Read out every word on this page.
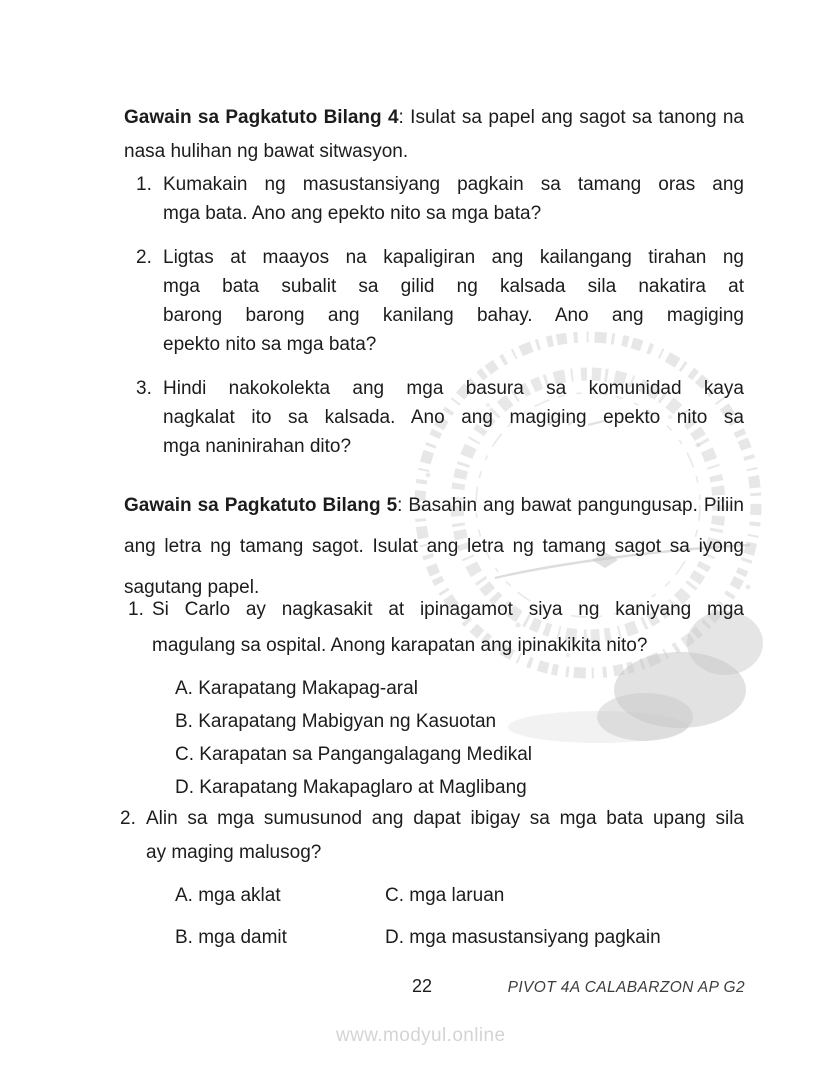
Gawain sa Pagkatuto Bilang 4: Isulat sa papel ang sagot sa tanong na
nasa hulihan ng bawat sitwasyon.
1. Kumakain ng masustansiyang pagkain sa tamang oras ang
mga bata. Ano ang epekto nito sa mga bata?
2. Ligtas at maayos na kapaligiran ang kailangang tirahan ng
mga bata subalit sa gilid ng kalsada sila nakatira at
barong barong ang kanilang bahay. Ano ang magiging
epekto nito sa mga bata?
3. Hindi nakokolekta ang mga basura sa komunidad kaya
nagkalat ito sa kalsada. Ano ang magiging epekto nito sa
mga naninirahan dito?
Gawain sa Pagkatuto Bilang 5: Basahin ang bawat pangungusap. Piliin
ang letra ng tamang sagot. Isulat ang letra ng tamang sagot sa iyong
sagutang papel.
1. Si Carlo ay nagkasakit at ipinagamot siya ng kaniyang mga
magulang sa ospital. Anong karapatan ang ipinakikita nito?
A. Karapatang Makapag-aral
B. Karapatang Mabigyan ng Kasuotan
C. Karapatan sa Pangangalagang Medikal
D. Karapatang Makapaglaro at Maglibang
2. Alin sa mga sumusunod ang dapat ibigay sa mga bata upang sila
ay maging malusog?
A. mga aklat
B. mga damit
C. mga laruan
D. mga masustansiyang pagkain
22	PIVOT 4A CALABARZON AP G2
www.modyul.online
